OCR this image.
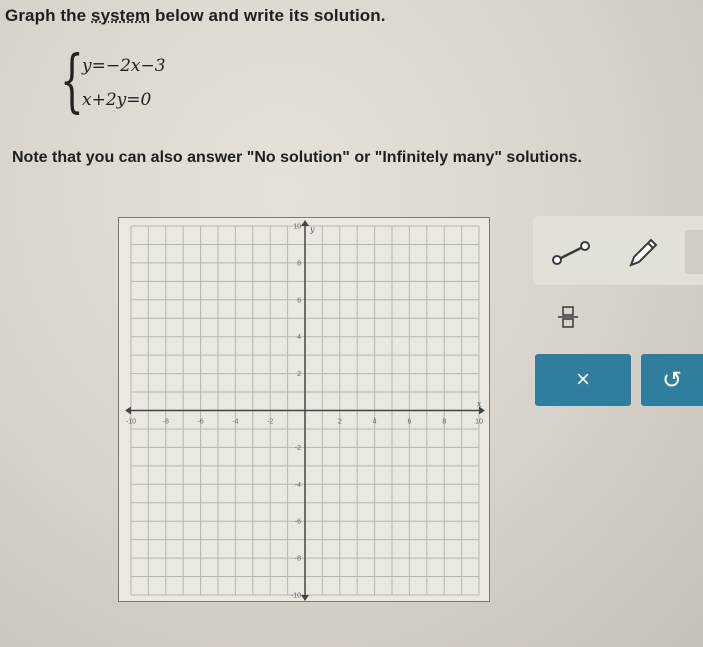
Graph the system below and write its solution.
{
y=−2x−3
x+2y=0
Note that you can also answer "No solution" or "Infinitely many" solutions.
x
y
-10	-8	-6	-4	-2	2	4	6	8	10
10
8
6
4
2
-2
-4
-6
-8
-10
×	↺
